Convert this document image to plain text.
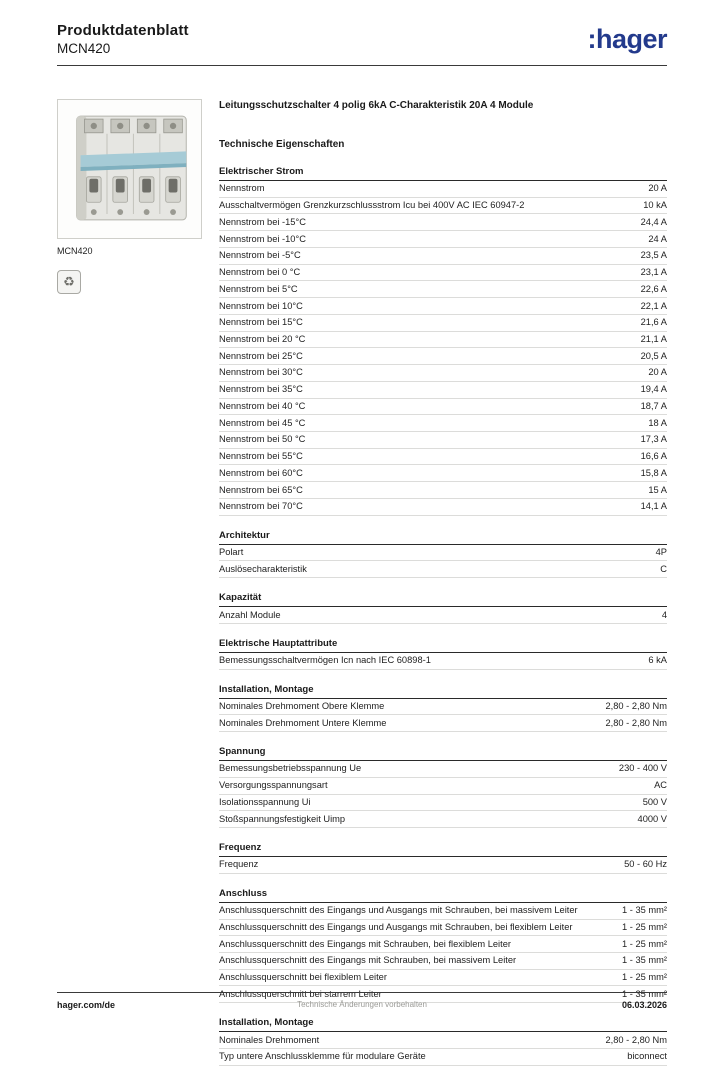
Produktdatenblatt
MCN420	:hager
MCN420
♻
Leitungsschutzschalter 4 polig 6kA C-Charakteristik 20A 4 Module
Technische Eigenschaften
Elektrischer Strom
Nennstrom	20 A
Ausschaltvermögen Grenzkurzschlussstrom Icu bei 400V AC IEC 60947-2	10 kA
Nennstrom bei -15°C	24,4 A
Nennstrom bei -10°C	24 A
Nennstrom bei -5°C	23,5 A
Nennstrom bei 0 °C	23,1 A
Nennstrom bei 5°C	22,6 A
Nennstrom bei 10°C	22,1 A
Nennstrom bei 15°C	21,6 A
Nennstrom bei 20 °C	21,1 A
Nennstrom bei 25°C	20,5 A
Nennstrom bei 30°C	20 A
Nennstrom bei 35°C	19,4 A
Nennstrom bei 40 °C	18,7 A
Nennstrom bei 45 °C	18 A
Nennstrom bei 50 °C	17,3 A
Nennstrom bei 55°C	16,6 A
Nennstrom bei 60°C	15,8 A
Nennstrom bei 65°C	15 A
Nennstrom bei 70°C	14,1 A
Architektur
Polart	4P
Auslösecharakteristik	C
Kapazität
Anzahl Module	4
Elektrische Hauptattribute
Bemessungsschaltvermögen Icn nach IEC 60898-1	6 kA
Installation, Montage
Nominales Drehmoment Obere Klemme	2,80 - 2,80 Nm
Nominales Drehmoment Untere Klemme	2,80 - 2,80 Nm
Spannung
Bemessungsbetriebsspannung Ue	230 - 400 V
Versorgungsspannungsart	AC
Isolationsspannung Ui	500 V
Stoßspannungsfestigkeit Uimp	4000 V
Frequenz
Frequenz	50 - 60 Hz
Anschluss
Anschlussquerschnitt des Eingangs und Ausgangs mit Schrauben, bei massivem Leiter	1 - 35 mm²
Anschlussquerschnitt des Eingangs und Ausgangs mit Schrauben, bei flexiblem Leiter	1 - 25 mm²
Anschlussquerschnitt des Eingangs mit Schrauben, bei flexiblem Leiter	1 - 25 mm²
Anschlussquerschnitt des Eingangs mit Schrauben, bei massivem Leiter	1 - 35 mm²
Anschlussquerschnitt bei flexiblem Leiter	1 - 25 mm²
Anschlussquerschnitt bei starrem Leiter	1 - 35 mm²
Installation, Montage
Nominales Drehmoment	2,80 - 2,80 Nm
Typ untere Anschlussklemme für modulare Geräte	biconnect
hager.com/de	Technische Änderungen vorbehalten	06.03.2026
